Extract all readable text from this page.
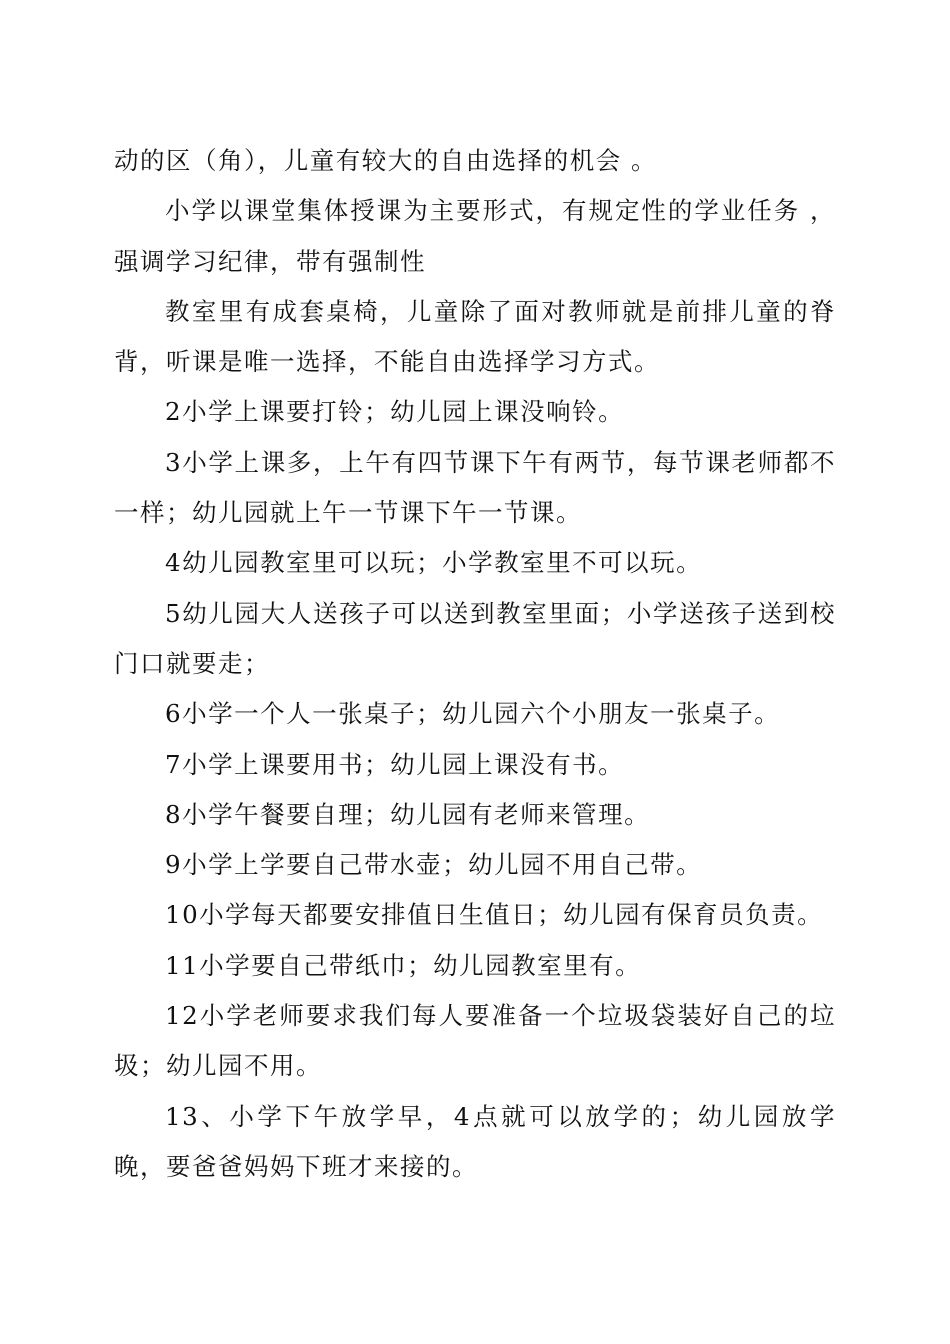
动的区（角），儿童有较大的自由选择的机会 。

小学以课堂集体授课为主要形式，有规定性的学业任务 ，强调学习纪律，带有强制性

教室里有成套桌椅，儿童除了面对教师就是前排儿童的脊背，听课是唯一选择，不能自由选择学习方式。

2小学上课要打铃；幼儿园上课没响铃。

3小学上课多，上午有四节课下午有两节，每节课老师都不一样；幼儿园就上午一节课下午一节课。

4幼儿园教室里可以玩；小学教室里不可以玩。

5幼儿园大人送孩子可以送到教室里面；小学送孩子送到校门口就要走；

6小学一个人一张桌子；幼儿园六个小朋友一张桌子。

7小学上课要用书；幼儿园上课没有书。

8小学午餐要自理；幼儿园有老师来管理。

9小学上学要自己带水壶；幼儿园不用自己带。

10小学每天都要安排值日生值日；幼儿园有保育员负责。

11小学要自己带纸巾；幼儿园教室里有。

12小学老师要求我们每人要准备一个垃圾袋装好自己的垃圾；幼儿园不用。

13、小学下午放学早，4点就可以放学的；幼儿园放学晚，要爸爸妈妈下班才来接的。
